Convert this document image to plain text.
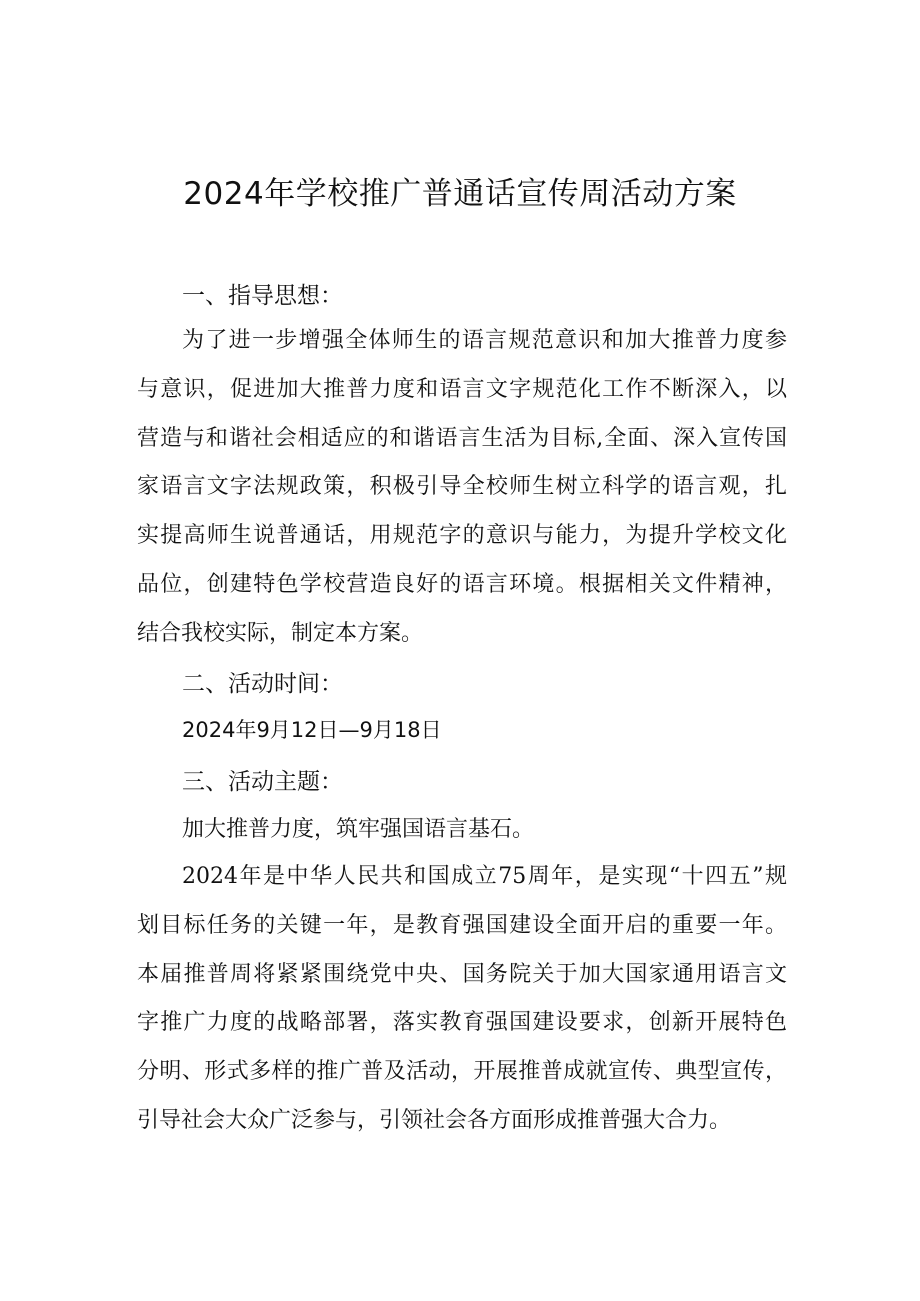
2024年学校推广普通话宣传周活动方案
一、指导思想：
为了进一步增强全体师生的语言规范意识和加大推普力度参
与意识，促进加大推普力度和语言文字规范化工作不断深入，以
营造与和谐社会相适应的和谐语言生活为目标,全面、深入宣传国
家语言文字法规政策，积极引导全校师生树立科学的语言观，扎
实提高师生说普通话，用规范字的意识与能力，为提升学校文化
品位，创建特色学校营造良好的语言环境。根据相关文件精神，
结合我校实际，制定本方案。
二、活动时间：
2024年9月12日—9月18日
三、活动主题：
加大推普力度，筑牢强国语言基石。
2024年是中华人民共和国成立75周年，是实现“十四五”规
划目标任务的关键一年，是教育强国建设全面开启的重要一年。
本届推普周将紧紧围绕党中央、国务院关于加大国家通用语言文
字推广力度的战略部署，落实教育强国建设要求，创新开展特色
分明、形式多样的推广普及活动，开展推普成就宣传、典型宣传，
引导社会大众广泛参与，引领社会各方面形成推普强大合力。
